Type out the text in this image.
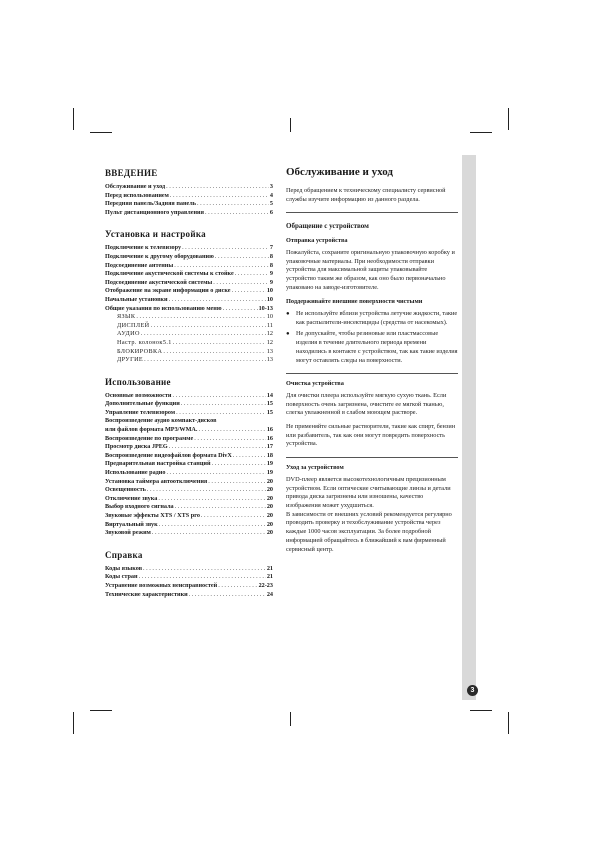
3
ВВЕДЕНИЕ
Обслуживание и уход . . .	3
Перед использованием . . .	4
Передняя панель/Задняя панель . . .	5
Пульт дистанционного управления . . .	6
Установка и настройка
Подключение к телевизору . . .	7
Подключение к другому оборудованию . . .	8
Подсоединение антенны . . .	8
Подключение акустической системы к стойке . . .	9
Подсоединение акустической системы . . .	9
Отображение на экране информации о диске . . .	10
Начальные установки . . .	10
Общие указания по использованию меню . . .	10-13
ЯЗЫК . . .	10
ДИСПЛЕЙ . . .	11
АУДИО . . .	12
Настр. колонок5.1 . . .	12
БЛОКИРОВКА . . .	13
ДРУГИЕ . . .	13
Использование
Основные возможности . . .	14
Дополнительные функции . . .	15
Управление телевизором . . .	15
Воспроизведение аудио компакт-дисков
или файлов формата MP3/WMA. . . .	16
Воспроизведение по программе . . .	16
Просмотр диска JPEG . . .	17
Воспроизведение видеофайлов формата DivX . . .	18
Предварительная настройка станций . . .	19
Использование радио . . .	19
Установка таймера автоотключения . . .	20
Освещенность . . .	20
Отключение звука . . .	20
Выбор входного сигнала . . .	20
Звуковые эффекты XTS / XTS pro . . .	20
Виртуальный звук . . .	20
Звуковой режим . . .	20
Справка
Коды языков . . .	21
Коды стран . . .	21
Устранение возможных неисправностей . . .	22-23
Технические характеристики . . .	24
Обслуживание и уход

Перед обращением к техническому специалисту сервисной службы изучите информацию из данного раздела.

Обращение с устройством
Отправка устройства

Пожалуйста, сохраните оригинальную упаковочную коробку и упаковочные материалы. При необходимости отправки устройства для максимальной защиты упаковывайте устройство таким же образом, как оно было первоначально упаковано на заводе-изготовителе.

Поддерживайте внешние поверхности чистыми
●	Не используйте вблизи устройства летучие жидкости, такие как распылители-инсектициды (средства от насекомых).
●	Не допускайте, чтобы резиновые или пластмассовые изделия в течение длительного периода времени находились в контакте с устройством, так как такие изделия могут оставлять следы на поверхности.
Очистка устройства

Для очистки плеера используйте мягкую сухую ткань. Если поверхность очень загрязнена, очистите ее мягкой тканью, слегка увлажненной в слабом моющем растворе.

Не применяйте сильные растворители, такие как спирт, бензин или разбавитель, так как они могут повредить поверхность устройства.

Уход за устройством

DVD-плеер является высокотехнологичным прецизионным устройством. Если оптические считывающие линзы и детали привода диска загрязнены или изношены, качество изображения может ухудшиться.

В зависимости от внешних условий рекомендуется регулярно проводить проверку и техобслуживание устройства через каждые 1000 часов эксплуатации. За более подробной информацией обращайтесь в ближайший к вам фирменный сервисный центр.
